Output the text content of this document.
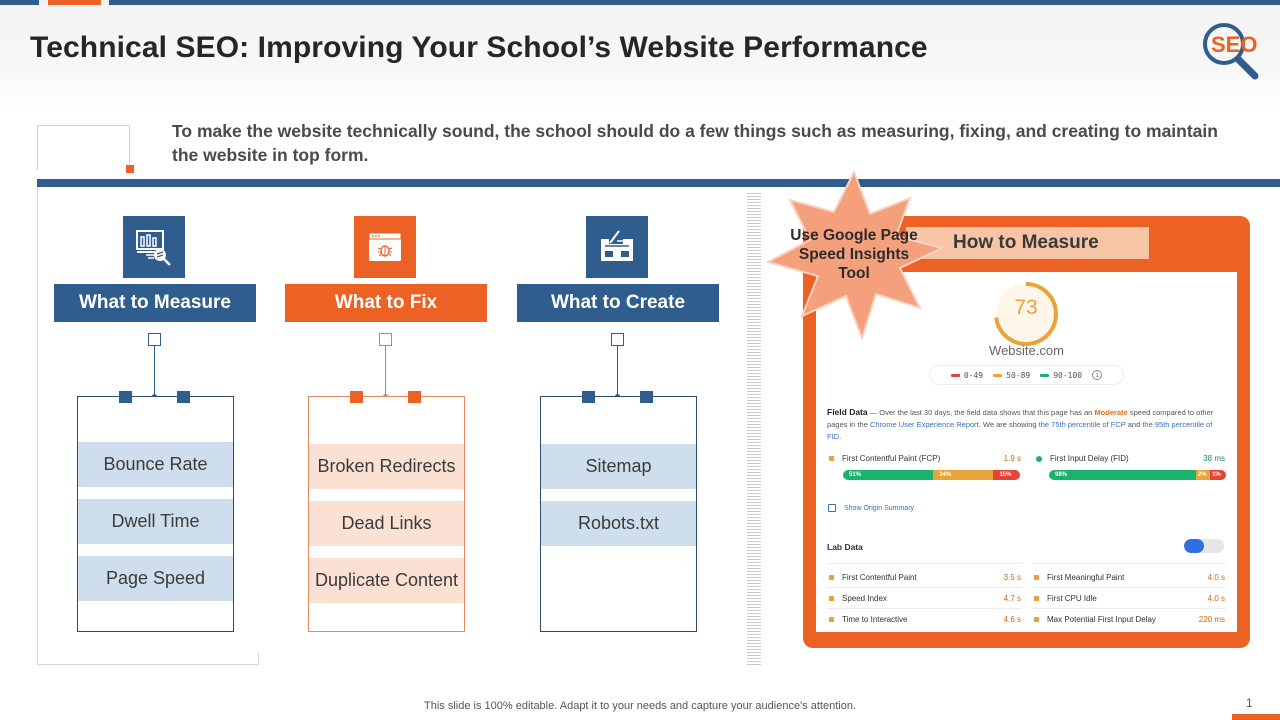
Technical SEO: Improving Your School’s Website Performance	SEO

To make the website technically sound, the school should do a few things such as measuring, fixing, and creating to maintain the website in top form.

What to Measure
Bounce Rate
Dwell Time
Page Speed
What to Fix
Broken Redirects
Dead Links
Duplicate Content
What to Create
Sitemap
Robots.txt
How to Measure
73
Website.com
0-49	50-89	90-100	i
Field Data — Over the last 30 days, the field data shows that this page has an Moderate speed compared to other pages in the Chrome User Experience Report. We are showing the 75th percentile of FCP and the 95th percentile of FID.
First Contentful Paint (FCP)	1.9 s
51%	34%	15%
First Input Delay (FID)	38 ms
98%	2% 1%
Show Origin Summary
Lab Data
First Contentful Paint	3.5 s	First Meaningful Paint	4.0 s
Speed Index	4.7 s	First CPU Idle	4.0 s
Time to Interactive	4.6 s	Max Potential First Input Delay	220 ms
Use Google Page Speed Insights Tool
This slide is 100% editable. Adapt it to your needs and capture your audience's attention.	1
